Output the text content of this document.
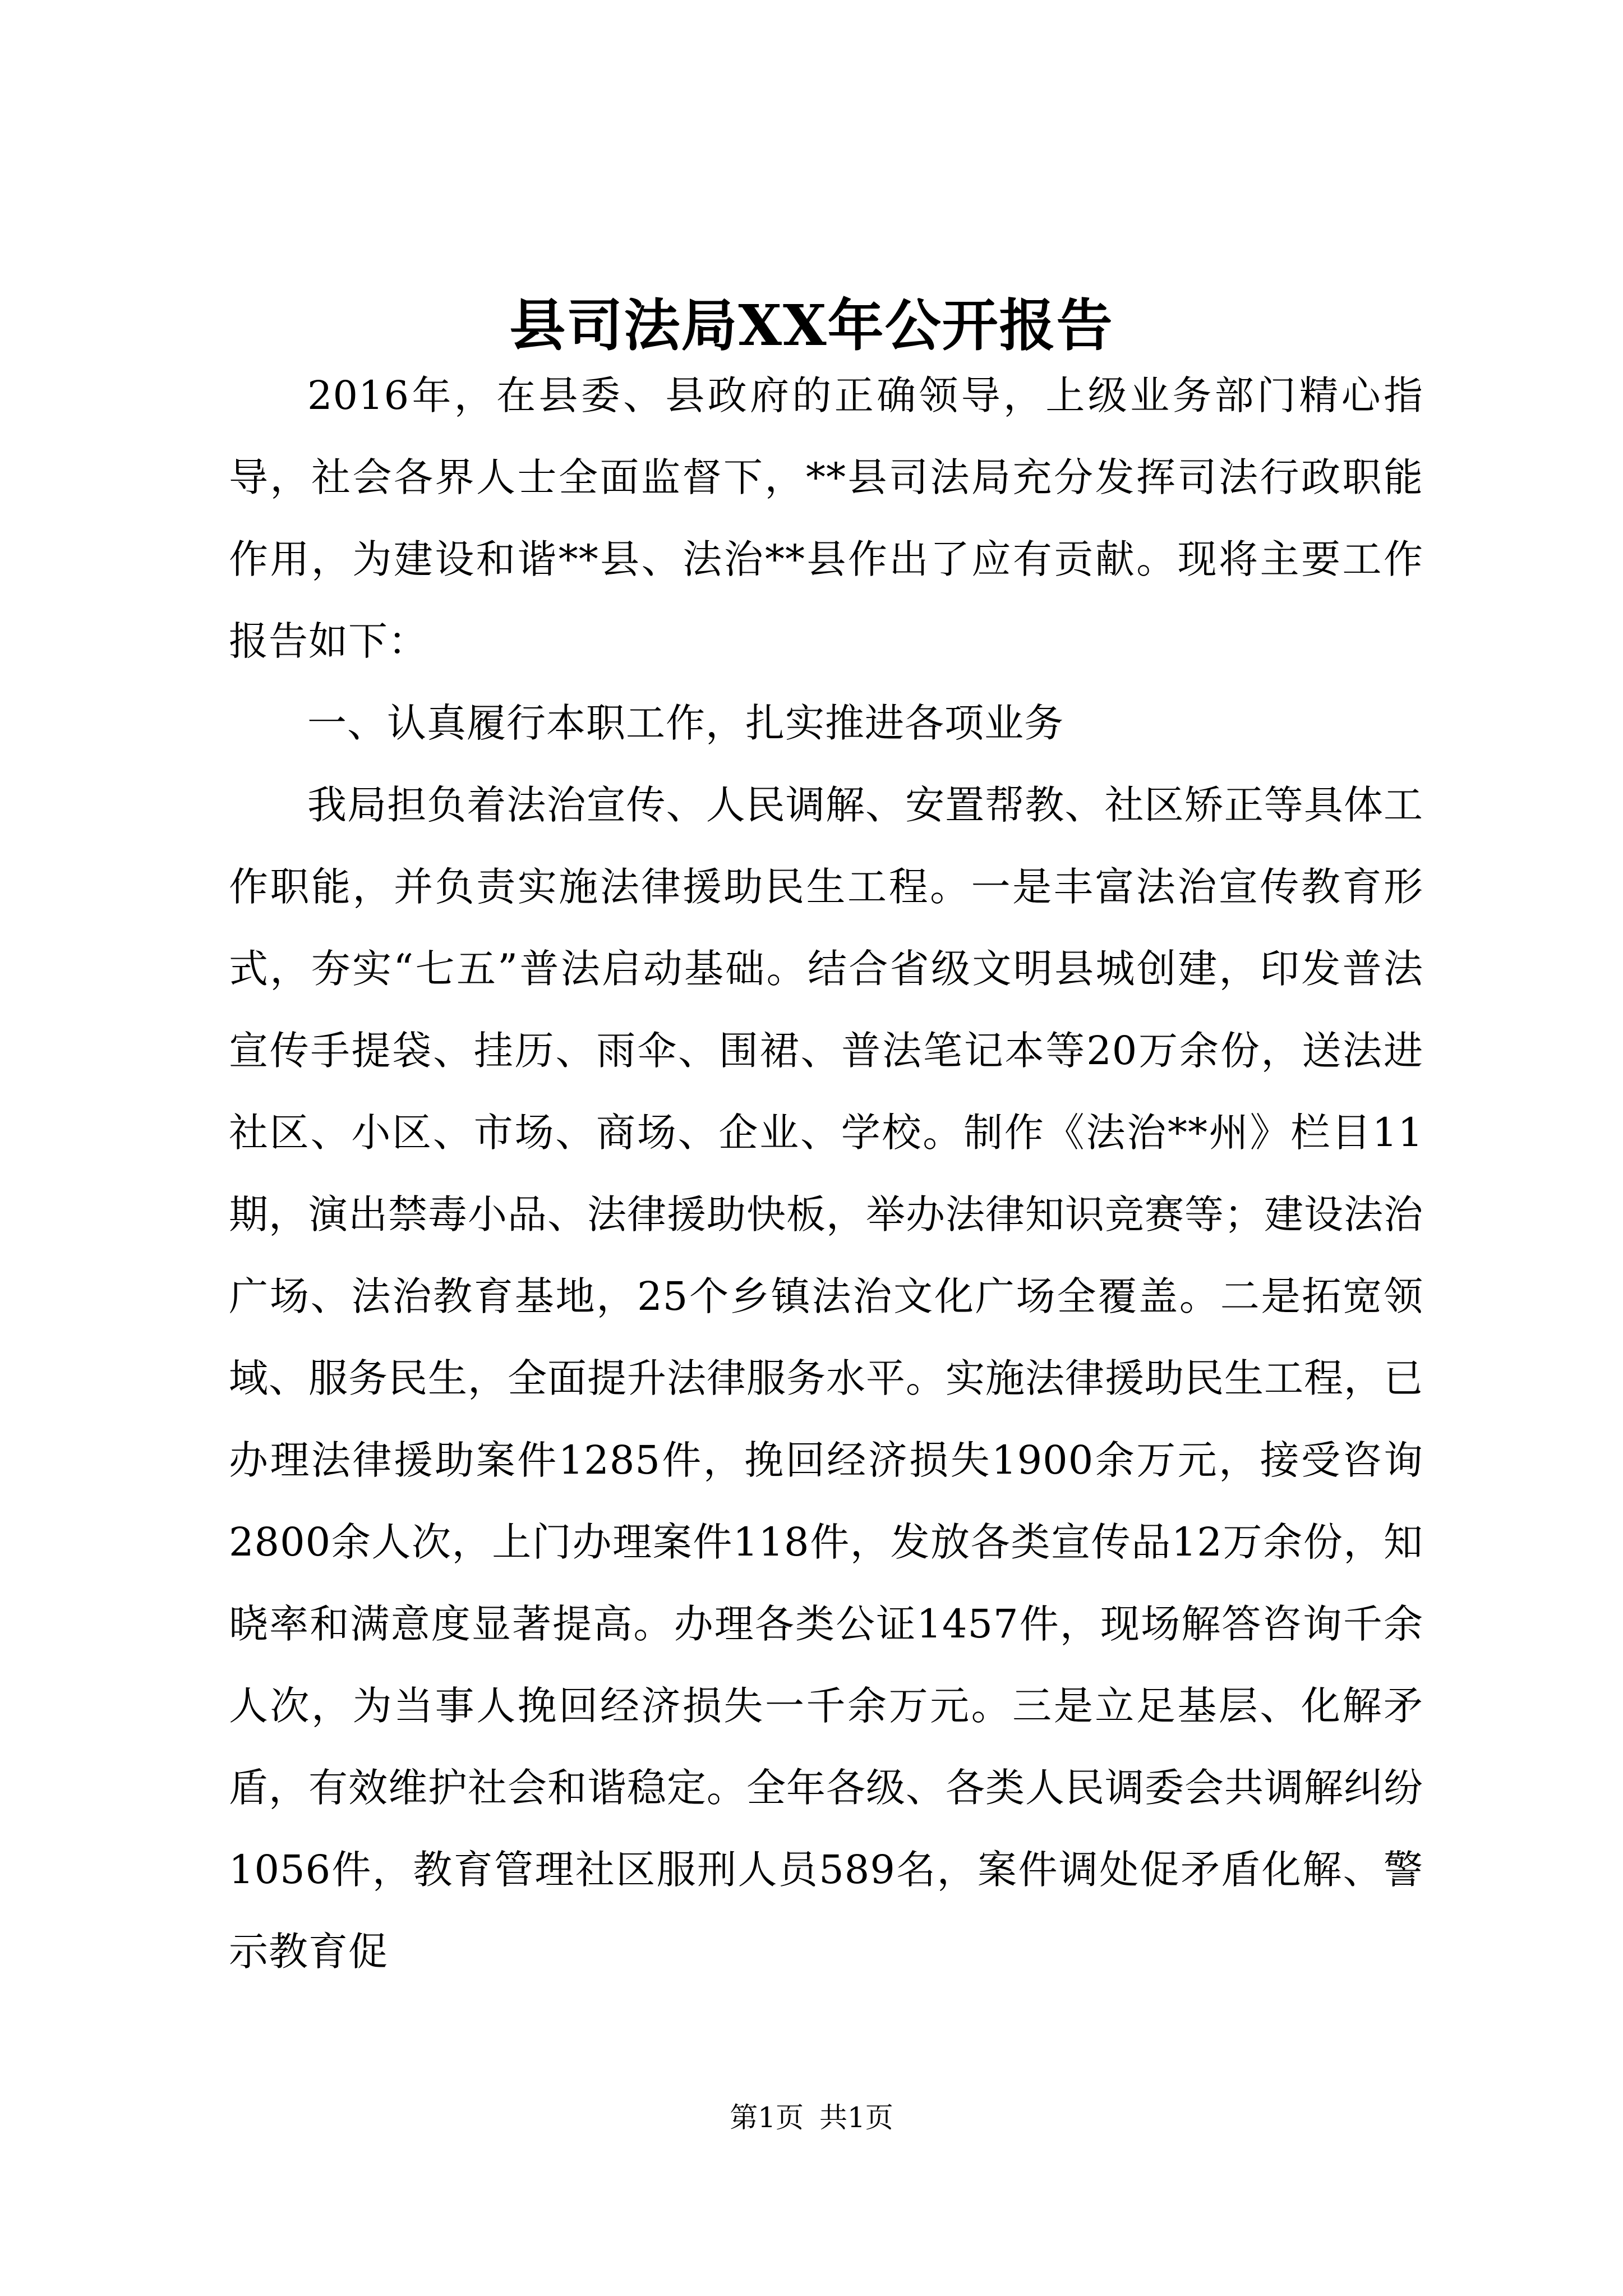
县司法局XX年公开报告

2016年，在县委、县政府的正确领导，上级业务部门精心指导，社会各界人士全面监督下，**县司法局充分发挥司法行政职能作用，为建设和谐**县、法治**县作出了应有贡献。现将主要工作报告如下：

一、认真履行本职工作，扎实推进各项业务

我局担负着法治宣传、人民调解、安置帮教、社区矫正等具体工作职能，并负责实施法律援助民生工程。一是丰富法治宣传教育形式，夯实“七五”普法启动基础。结合省级文明县城创建，印发普法宣传手提袋、挂历、雨伞、围裙、普法笔记本等20万余份，送法进社区、小区、市场、商场、企业、学校。制作《法治**州》栏目11期，演出禁毒小品、法律援助快板，举办法律知识竞赛等；建设法治广场、法治教育基地，25个乡镇法治文化广场全覆盖。二是拓宽领域、服务民生，全面提升法律服务水平。实施法律援助民生工程，已办理法律援助案件1285件，挽回经济损失1900余万元，接受咨询2800余人次，上门办理案件118件，发放各类宣传品12万余份，知晓率和满意度显著提高。办理各类公证1457件，现场解答咨询千余人次，为当事人挽回经济损失一千余万元。三是立足基层、化解矛盾，有效维护社会和谐稳定。全年各级、各类人民调委会共调解纠纷1056件，教育管理社区服刑人员589名，案件调处促矛盾化解、警示教育促

第1页 共1页
